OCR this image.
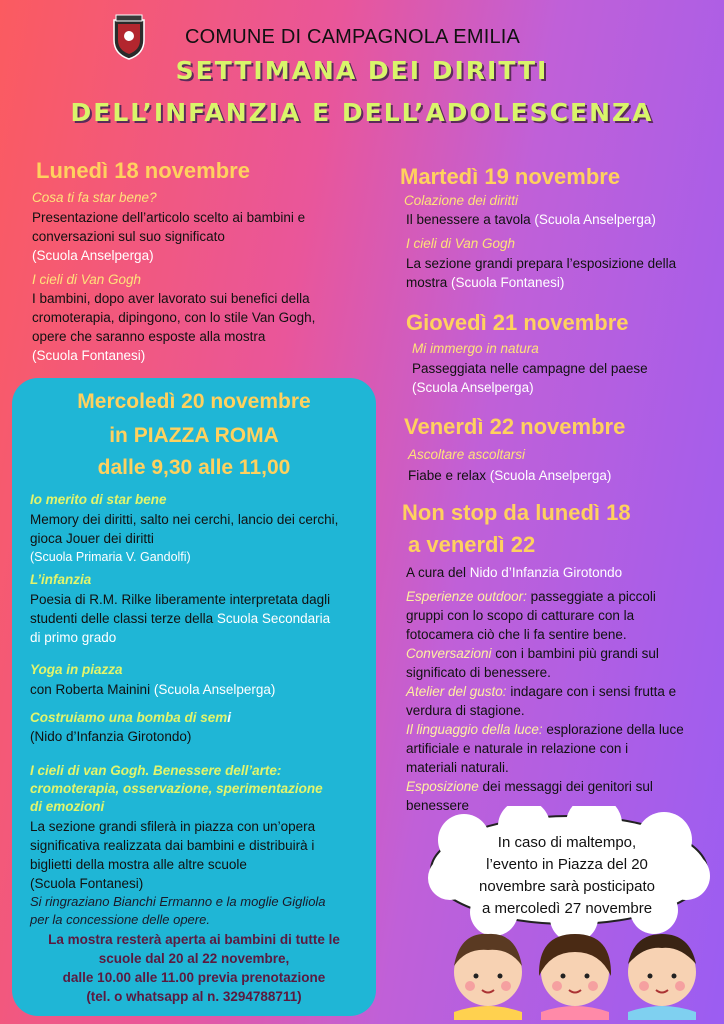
COMUNE DI CAMPAGNOLA EMILIA
SETTIMANA DEI DIRITTI
DELL’INFANZIA E DELL’ADOLESCENZA
Lunedì 18 novembre
Cosa ti fa star bene?
Presentazione dell’articolo scelto ai bambini e
conversazioni sul suo significato
(Scuola Anselperga)
I cieli di Van Gogh
I bambini, dopo aver lavorato sui benefici della
cromoterapia, dipingono, con lo stile Van Gogh,
opere che saranno esposte alla mostra
(Scuola Fontanesi)
Mercoledì 20 novembre
in PIAZZA ROMA
dalle 9,30 alle 11,00
Io merito di star bene
Memory dei diritti, salto nei cerchi, lancio dei cerchi,
gioca Jouer dei diritti
(Scuola Primaria V. Gandolfi)
L’infanzia
Poesia di R.M. Rilke liberamente interpretata dagli
studenti delle classi terze della Scuola Secondaria
di primo grado
Yoga in piazza
con Roberta Mainini (Scuola Anselperga)
Costruiamo una bomba di semi
(Nido d’Infanzia Girotondo)
I cieli di van Gogh. Benessere dell’arte:
cromoterapia, osservazione, sperimentazione
di emozioni
La sezione grandi sfilerà in piazza con un’opera
significativa realizzata dai bambini e distribuirà i
biglietti della mostra alle altre scuole
(Scuola Fontanesi)
Si ringraziano Bianchi Ermanno e la moglie Gigliola
per la concessione delle opere.
La mostra resterà aperta ai bambini di tutte le
scuole dal 20 al 22 novembre,
dalle 10.00 alle 11.00 previa prenotazione
(tel. o whatsapp al n. 3294788711)
Martedì 19 novembre
Colazione dei diritti
Il benessere a tavola (Scuola Anselperga)
I cieli di Van Gogh
La sezione grandi prepara l’esposizione della
mostra (Scuola Fontanesi)
Giovedì 21 novembre
Mi immergo in natura
Passeggiata nelle campagne del paese
(Scuola Anselperga)
Venerdì 22 novembre
Ascoltare ascoltarsi
Fiabe e relax (Scuola Anselperga)
Non stop da lunedì 18
a venerdì 22
A cura del Nido d’Infanzia Girotondo
Esperienze outdoor: passeggiate a piccoli
gruppi con lo scopo di catturare con la
fotocamera ciò che li fa sentire bene.
Conversazioni con i bambini più grandi sul
significato di benessere.
Atelier del gusto: indagare con i sensi frutta e
verdura di stagione.
Il linguaggio della luce: esplorazione della luce
artificiale e naturale in relazione con i
materiali naturali.
Esposizione dei messaggi dei genitori sul
benessere
In caso di maltempo,
l’evento in Piazza del 20
novembre sarà posticipato
a mercoledì 27 novembre
